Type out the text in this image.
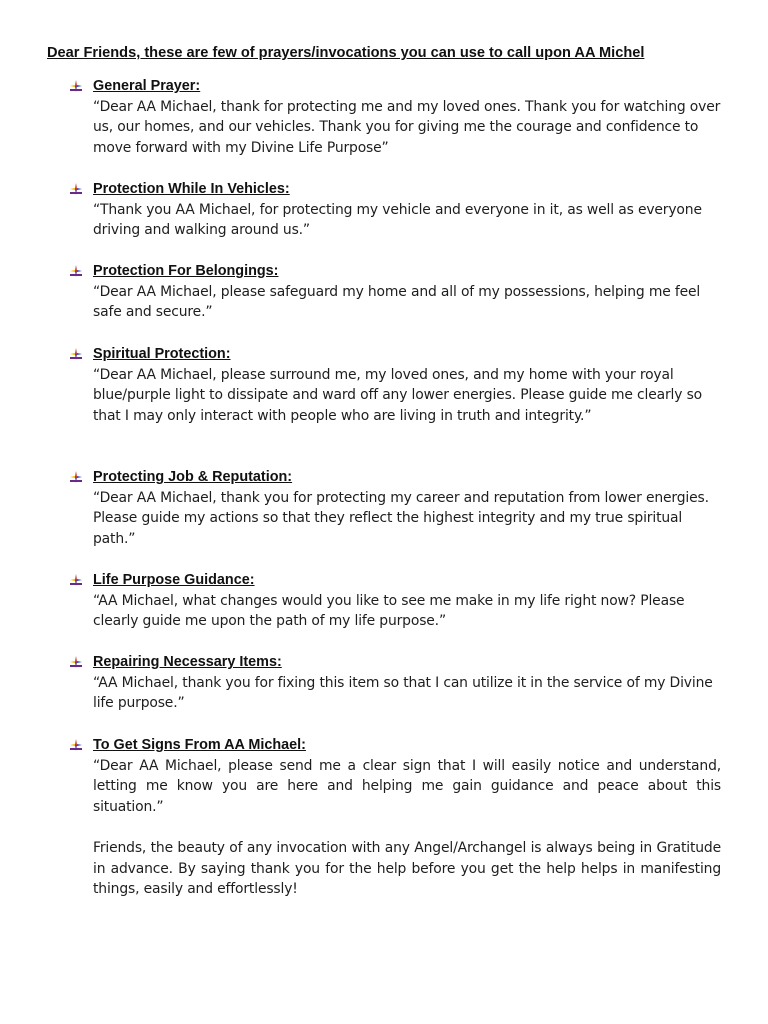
Dear Friends, these are few of prayers/invocations you can use to call upon AA Michel
General Prayer:
“Dear AA Michael, thank for protecting me and my loved ones. Thank you for watching over us, our homes, and our vehicles. Thank you for giving me the courage and confidence to move forward with my Divine Life Purpose”
Protection While In Vehicles:
“Thank you AA Michael, for protecting my vehicle and everyone in it, as well as everyone driving and walking around us.”
Protection For Belongings:
“Dear AA Michael, please safeguard my home and all of my possessions, helping me feel safe and secure.”
Spiritual Protection:
“Dear AA Michael, please surround me, my loved ones, and my home with your royal blue/purple light to dissipate and ward off any lower energies. Please guide me clearly so that I may only interact with people who are living in truth and integrity.”
Protecting Job & Reputation:
“Dear AA Michael, thank you for protecting my career and reputation from lower energies. Please guide my actions so that they reflect the highest integrity and my true spiritual path.”
Life Purpose Guidance:
“AA Michael, what changes would you like to see me make in my life right now? Please clearly guide me upon the path of my life purpose.”
Repairing Necessary Items:
“AA Michael, thank you for fixing this item so that I can utilize it in the service of my Divine life purpose.”
To Get Signs From AA Michael:
“Dear AA Michael, please send me a clear sign that I will easily notice and understand, letting me know you are here and helping me gain guidance and peace about this situation.”
Friends, the beauty of any invocation with any Angel/Archangel is always being in Gratitude in advance. By saying thank you for the help before you get the help helps in manifesting things, easily and effortlessly!
